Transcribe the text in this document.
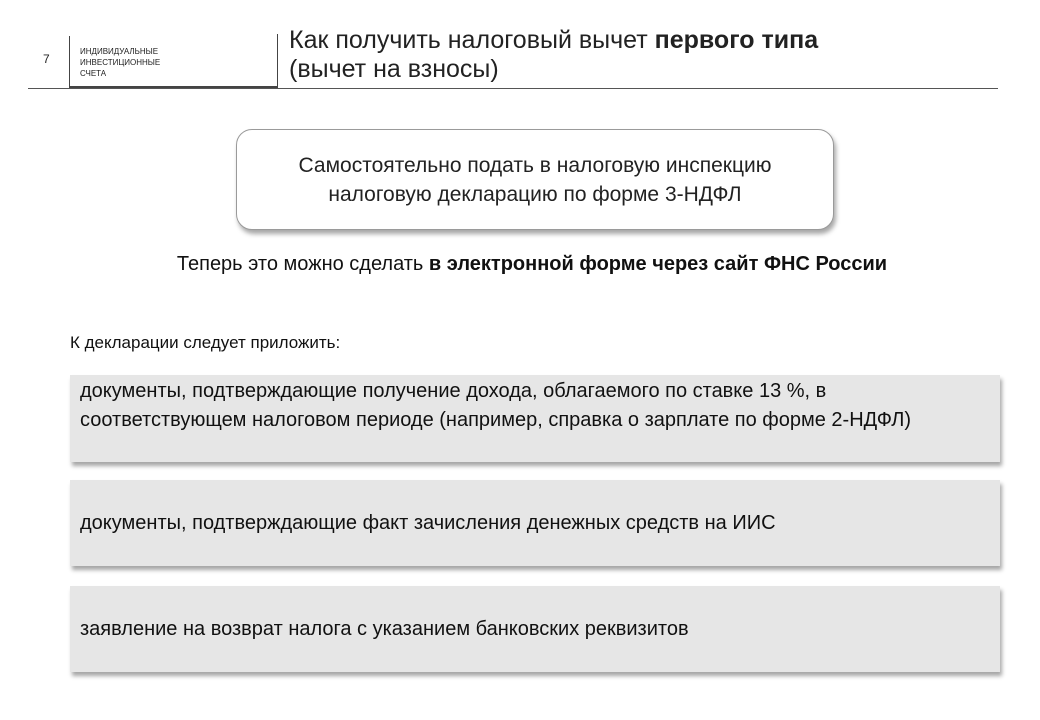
7
ИНДИВИДУАЛЬНЫЕ
ИНВЕСТИЦИОННЫЕ
СЧЕТА
Как получить налоговый вычет первого типа
(вычет на взносы)
Самостоятельно подать в налоговую инспекцию
налоговую декларацию по форме 3-НДФЛ
Теперь это можно сделать в электронной форме через сайт ФНС России
К декларации следует приложить:
документы, подтверждающие получение дохода, облагаемого по ставке 13 %, в соответствующем налоговом периоде (например, справка о зарплате по форме 2-НДФЛ)
документы, подтверждающие факт зачисления денежных средств на ИИС
заявление на возврат налога с указанием банковских реквизитов
